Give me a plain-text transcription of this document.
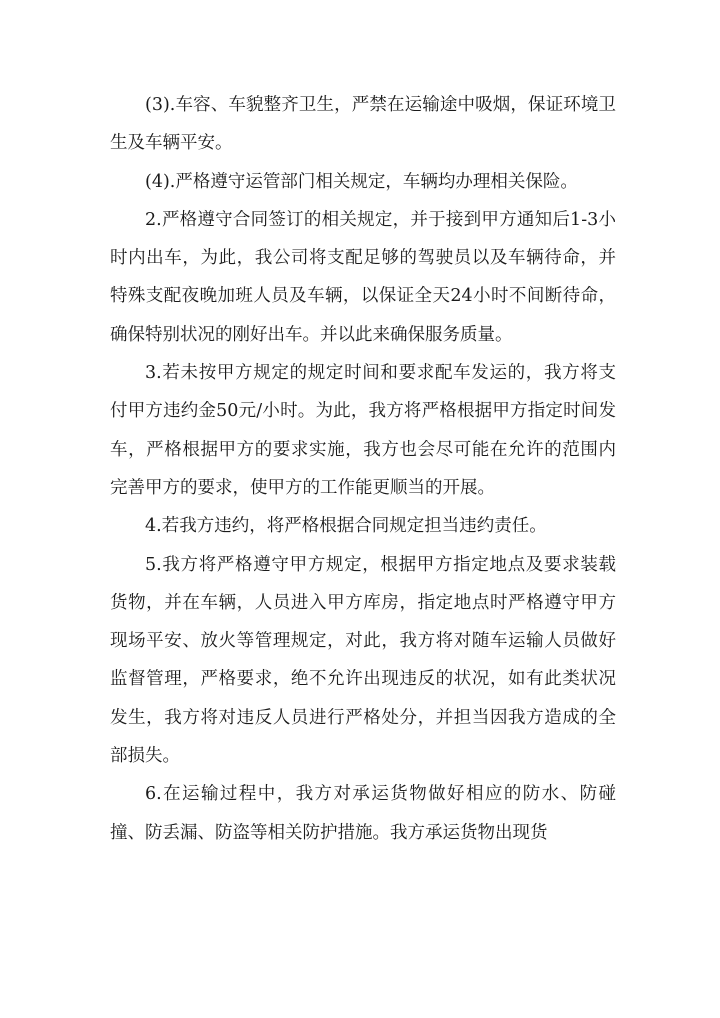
(3).车容、车貌整齐卫生，严禁在运输途中吸烟，保证环境卫生及车辆平安。

(4).严格遵守运管部门相关规定，车辆均办理相关保险。

2.严格遵守合同签订的相关规定，并于接到甲方通知后1-3小时内出车，为此，我公司将支配足够的驾驶员以及车辆待命，并特殊支配夜晚加班人员及车辆，以保证全天24小时不间断待命，确保特别状况的刚好出车。并以此来确保服务质量。

3.若未按甲方规定的规定时间和要求配车发运的，我方将支付甲方违约金50元/小时。为此，我方将严格根据甲方指定时间发车，严格根据甲方的要求实施，我方也会尽可能在允许的范围内完善甲方的要求，使甲方的工作能更顺当的开展。

4.若我方违约，将严格根据合同规定担当违约责任。

5.我方将严格遵守甲方规定，根据甲方指定地点及要求装载货物，并在车辆，人员进入甲方库房，指定地点时严格遵守甲方现场平安、放火等管理规定，对此，我方将对随车运输人员做好监督管理，严格要求，绝不允许出现违反的状况，如有此类状况发生，我方将对违反人员进行严格处分，并担当因我方造成的全部损失。

6.在运输过程中，我方对承运货物做好相应的防水、防碰撞、防丢漏、防盗等相关防护措施。我方承运货物出现货
